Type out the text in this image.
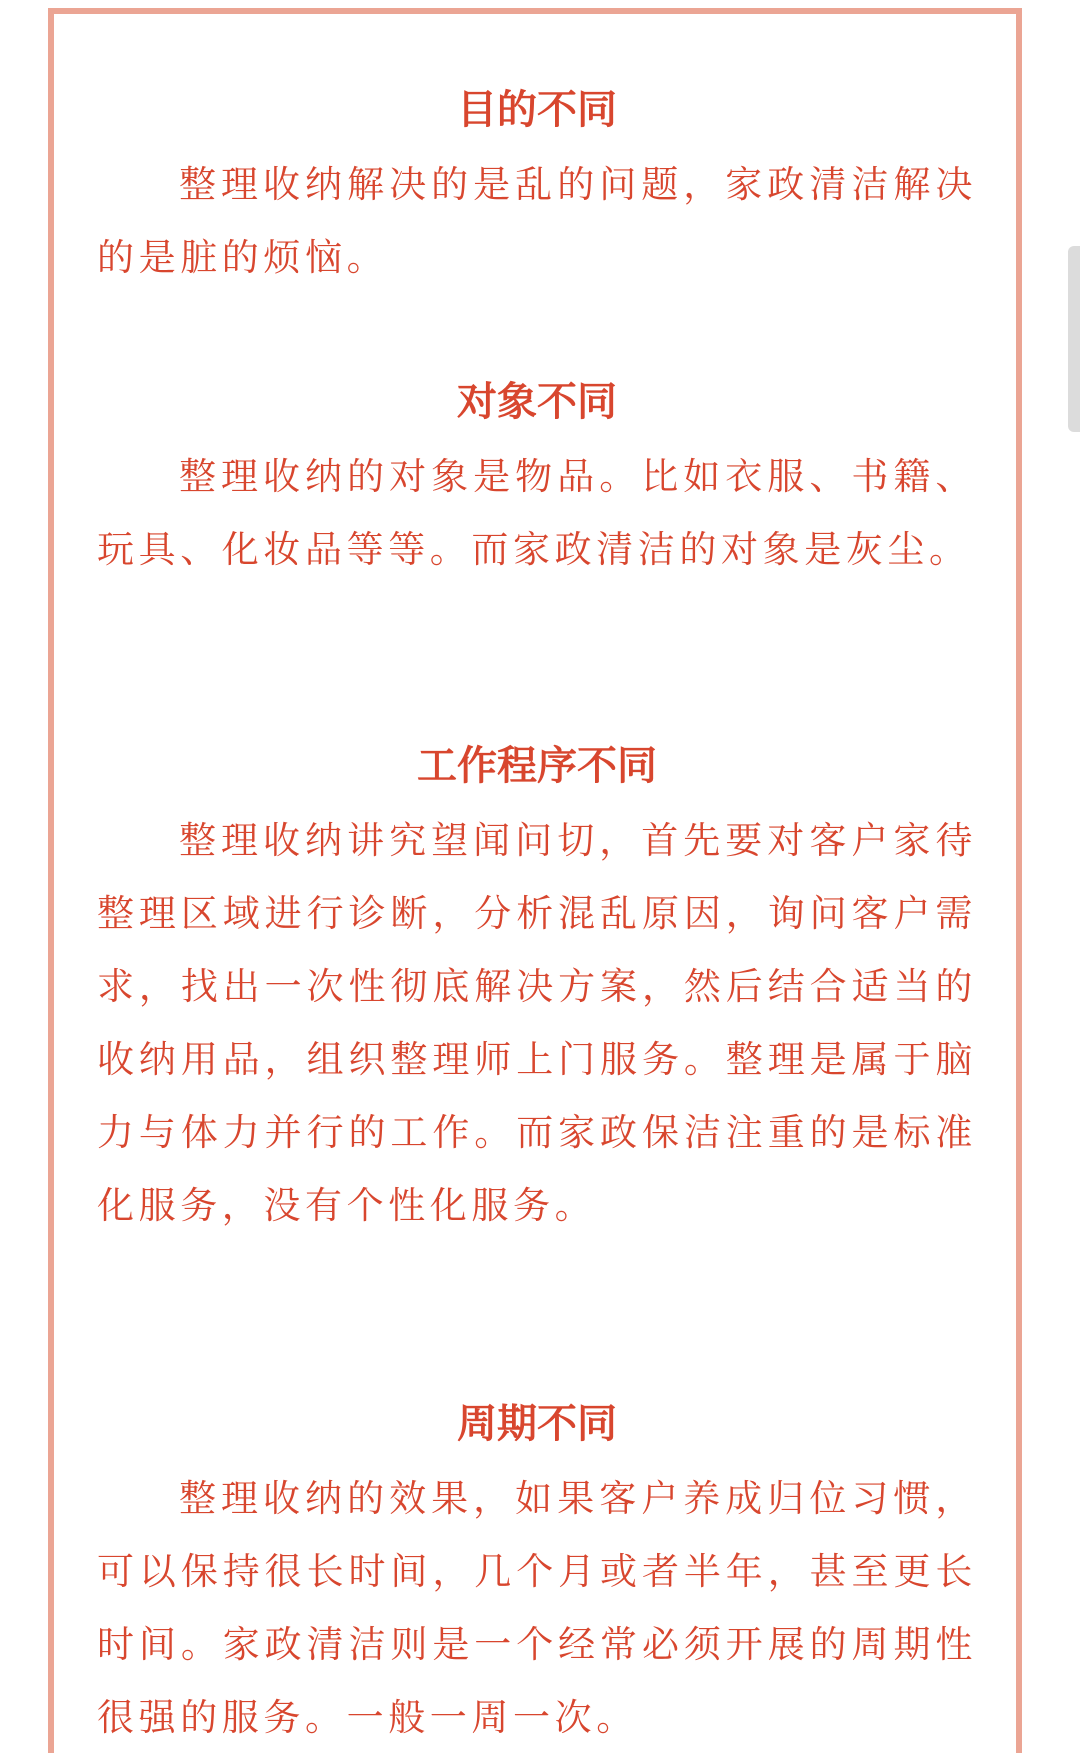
目的不同

整理收纳解决的是乱的问题，家政清洁解决的是脏的烦恼。

对象不同

整理收纳的对象是物品。比如衣服、书籍、玩具、化妆品等等。而家政清洁的对象是灰尘。

工作程序不同

整理收纳讲究望闻问切，首先要对客户家待整理区域进行诊断，分析混乱原因，询问客户需求，找出一次性彻底解决方案，然后结合适当的收纳用品，组织整理师上门服务。整理是属于脑力与体力并行的工作。而家政保洁注重的是标准化服务，没有个性化服务。

周期不同

整理收纳的效果，如果客户养成归位习惯，可以保持很长时间，几个月或者半年，甚至更长时间。家政清洁则是一个经常必须开展的周期性很强的服务。一般一周一次。
